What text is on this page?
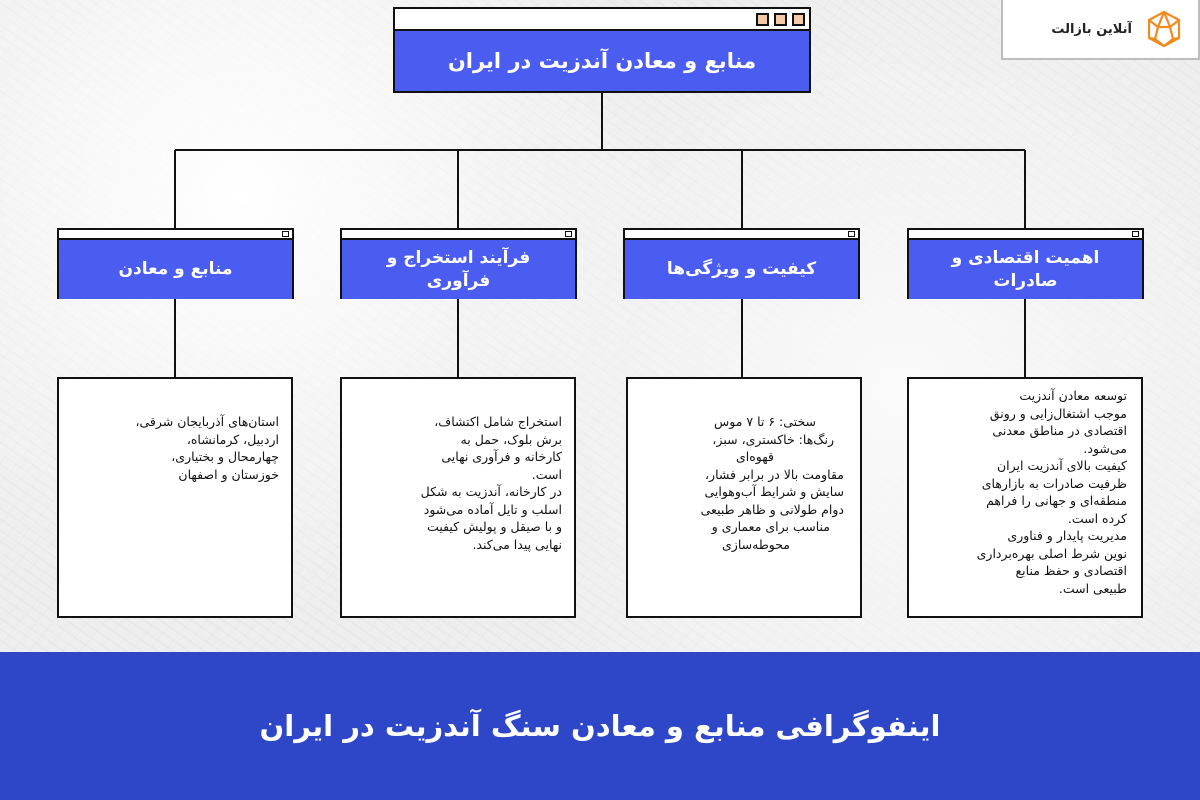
منابع و معادن آندزیت در ایران
منابع و معادن
فرآیند استخراج و فرآوری
کیفیت و ویژگی‌ها
اهمیت اقتصادی و صادرات
استان‌های آذربایجان شرقی،
اردبیل، کرمانشاه،
چهارمحال و بختیاری،
خوزستان و اصفهان
استخراج شامل اکتشاف،
برش بلوک، حمل به
کارخانه و فرآوری نهایی
است.
در کارخانه، آندزیت به شکل
اسلب و تایل آماده می‌شود
و با صیقل و پولیش کیفیت
نهایی پیدا می‌کند.
سختی: ۶ تا ۷ موس
رنگ‌ها: خاکستری، سبز،
قهوه‌ای
مقاومت بالا در برابر فشار،
سایش و شرایط آب‌وهوایی
دوام طولانی و ظاهر طبیعی
مناسب برای معماری و
محوطه‌سازی
توسعه معادن آندزیت
موجب اشتغال‌زایی و رونق
اقتصادی در مناطق معدنی
می‌شود.
کیفیت بالای آندزیت ایران
ظرفیت صادرات به بازارهای
منطقه‌ای و جهانی را فراهم
کرده است.
مدیریت پایدار و فناوری
نوین شرط اصلی بهره‌برداری
اقتصادی و حفظ منابع
طبیعی است.
آنلاین بازالت
اینفوگرافی منابع و معادن سنگ آندزیت در ایران
